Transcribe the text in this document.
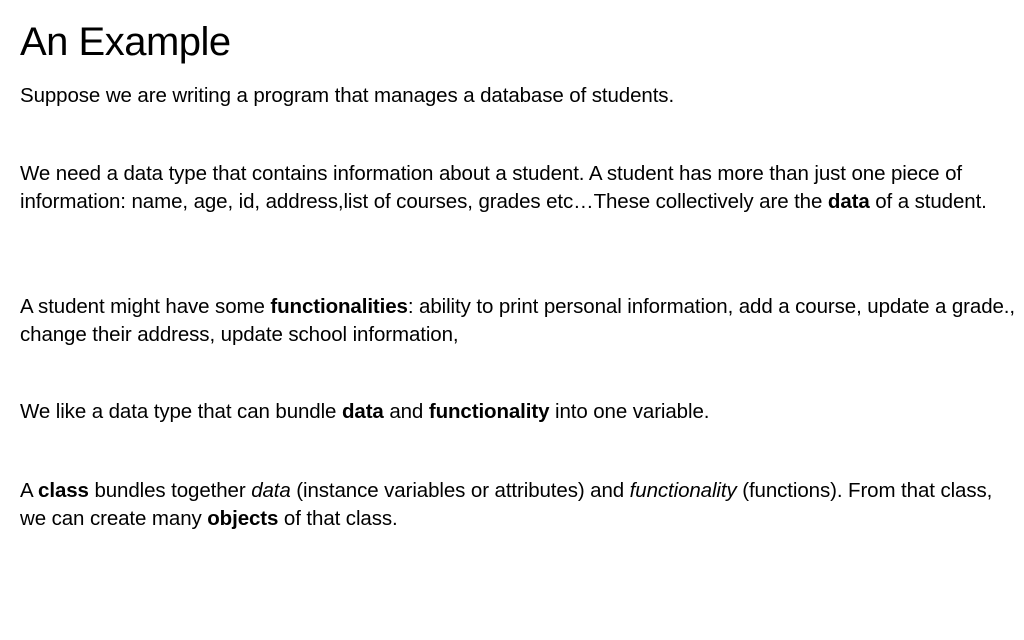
An Example

Suppose we are writing a program that manages a database of students.

We need a data type that contains information about a student. A student has more than just one piece of information: name, age, id, address,list of courses, grades etc…These collectively are the data of a student.

A student might have some functionalities: ability to print personal information, add a course, update a grade., change their address, update school information,

We like a data type that can bundle data and functionality into one variable.

A class bundles together data (instance variables or attributes) and functionality (functions). From that class, we can create many objects of that class.
